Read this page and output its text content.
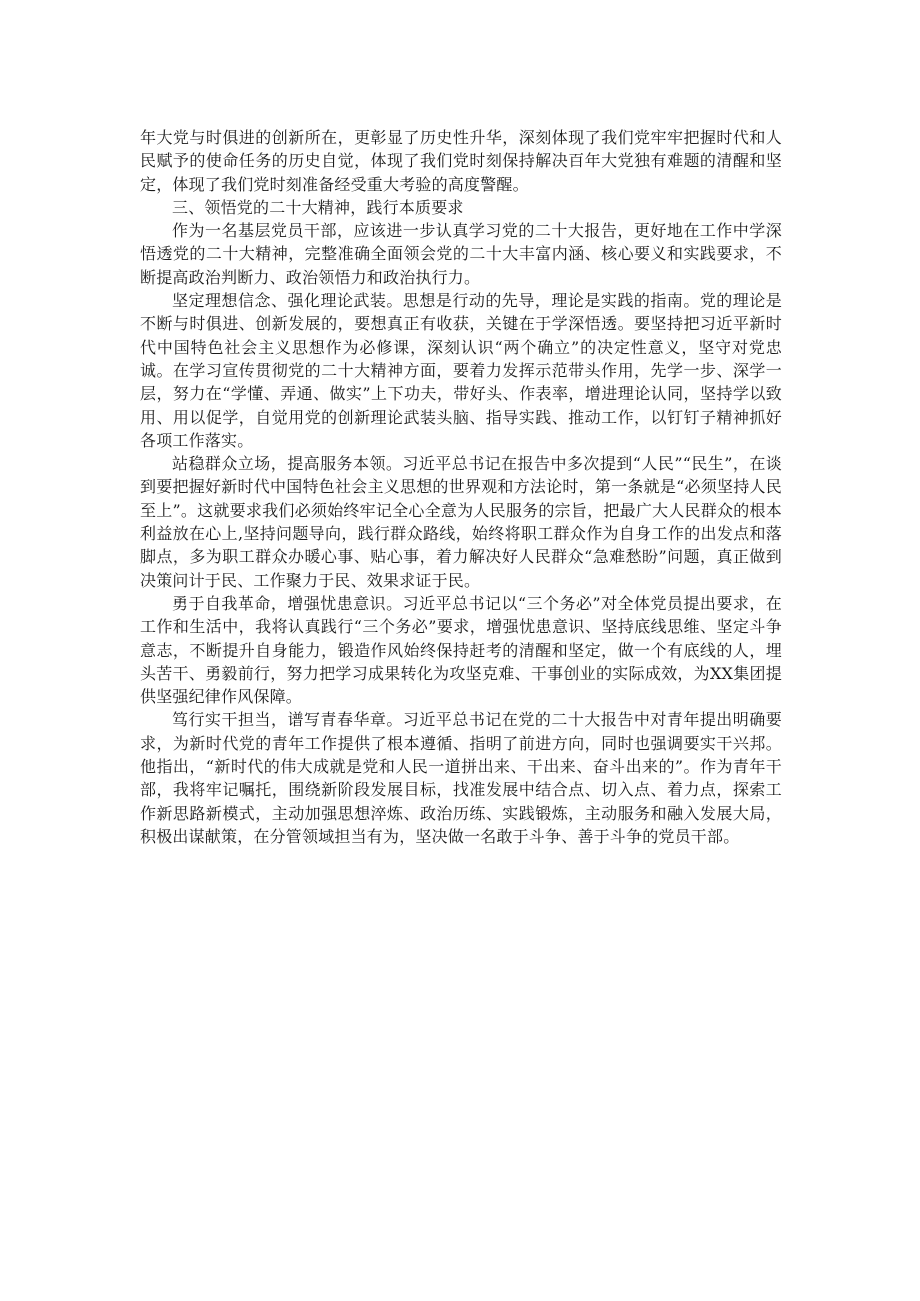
年大党与时俱进的创新所在，更彰显了历史性升华，深刻体现了我们党牢牢把握时代和人民赋予的使命任务的历史自觉，体现了我们党时刻保持解决百年大党独有难题的清醒和坚定，体现了我们党时刻准备经受重大考验的高度警醒。

三、领悟党的二十大精神，践行本质要求

作为一名基层党员干部，应该进一步认真学习党的二十大报告，更好地在工作中学深悟透党的二十大精神，完整准确全面领会党的二十大丰富内涵、核心要义和实践要求，不断提高政治判断力、政治领悟力和政治执行力。

坚定理想信念、强化理论武装。思想是行动的先导，理论是实践的指南。党的理论是不断与时俱进、创新发展的，要想真正有收获，关键在于学深悟透。要坚持把习近平新时代中国特色社会主义思想作为必修课，深刻认识“两个确立”的决定性意义，坚守对党忠诚。在学习宣传贯彻党的二十大精神方面，要着力发挥示范带头作用，先学一步、深学一层，努力在“学懂、弄通、做实”上下功夫，带好头、作表率，增进理论认同，坚持学以致用、用以促学，自觉用党的创新理论武装头脑、指导实践、推动工作，以钉钉子精神抓好各项工作落实。

站稳群众立场，提高服务本领。习近平总书记在报告中多次提到“人民”“民生”，在谈到要把握好新时代中国特色社会主义思想的世界观和方法论时，第一条就是“必须坚持人民至上”。这就要求我们必须始终牢记全心全意为人民服务的宗旨，把最广大人民群众的根本利益放在心上,坚持问题导向，践行群众路线，始终将职工群众作为自身工作的出发点和落脚点，多为职工群众办暖心事、贴心事，着力解决好人民群众“急难愁盼”问题，真正做到决策问计于民、工作聚力于民、效果求证于民。

勇于自我革命，增强忧患意识。习近平总书记以“三个务必”对全体党员提出要求，在工作和生活中，我将认真践行“三个务必”要求，增强忧患意识、坚持底线思维、坚定斗争意志，不断提升自身能力，锻造作风始终保持赶考的清醒和坚定，做一个有底线的人，埋头苦干、勇毅前行，努力把学习成果转化为攻坚克难、干事创业的实际成效，为XX集团提供坚强纪律作风保障。

笃行实干担当，谱写青春华章。习近平总书记在党的二十大报告中对青年提出明确要求，为新时代党的青年工作提供了根本遵循、指明了前进方向，同时也强调要实干兴邦。他指出，“新时代的伟大成就是党和人民一道拼出来、干出来、奋斗出来的”。作为青年干部，我将牢记嘱托，围绕新阶段发展目标，找准发展中结合点、切入点、着力点，探索工作新思路新模式，主动加强思想淬炼、政治历练、实践锻炼，主动服务和融入发展大局，积极出谋献策，在分管领域担当有为，坚决做一名敢于斗争、善于斗争的党员干部。
